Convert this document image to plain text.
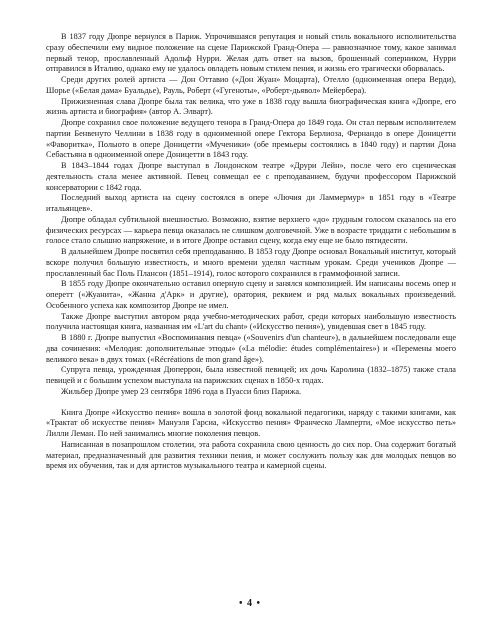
В 1837 году Дюпре вернулся в Париж. Упрочившаяся репутация и новый стиль вокального исполнительства сразу обеспечили ему видное положение на сцене Парижской Гранд-Опера — равнозначное тому, какое занимал первый тенор, прославленный Адольф Нурри. Желая дать ответ на вызов, брошенный соперником, Нурри отправился в Италию, однако ему не удалось овладеть новым стилем пения, и жизнь его трагически оборвалась.

Среди других ролей артиста — Дон Оттавио («Дон Жуан» Моцарта), Отелло (одноименная опера Верди), Шорье («Белая дама» Буальдье), Рауль, Роберт («Гугеноты», «Роберт-дьявол» Мейербера).

Прижизненная слава Дюпре была так велика, что уже в 1838 году вышла биографическая книга «Дюпре, его жизнь артиста и биография» (автор А. Элварт).

Дюпре сохранил свое положение ведущего тенора в Гранд-Опера до 1849 года. Он стал первым исполнителем партии Бенвенуто Челлини в 1838 году в одноименной опере Гектора Берлиоза, Фернандо в опере Доницетти «Фаворитка», Полыото в опере Доницетти «Мученики» (обе премьеры состоялись в 1840 году) и партии Дона Себастьяна в одноименной опере Доницетти в 1843 году.

В 1843–1844 годах Дюпре выступал в Лондонском театре «Друри Лейн», после чего его сценическая деятельность стала менее активной. Певец совмещал ее с преподаванием, будучи профессором Парижской консерватории с 1842 года.

Последний выход артиста на сцену состоялся в опере «Лючия ди Ламмермур» в 1851 году в «Театре итальянцев».

Дюпре обладал субтильной внешностью. Возможно, взятие верхнего «до» грудным голосом сказалось на его физических ресурсах — карьера певца оказалась не слишком долговечной. Уже в возрасте тридцати с небольшим в голосе стало слышно напряжение, и в итоге Дюпре оставил сцену, когда ему еще не было пятидесяти.

В дальнейшем Дюпре посвятил себя преподаванию. В 1853 году Дюпре основал Вокальный институт, который вскоре получил большую известность, и много времени уделял частным урокам. Среди учеников Дюпре — прославленный бас Поль Плансон (1851–1914), голос которого сохранился в граммофонной записи.

В 1855 году Дюпре окончательно оставил оперную сцену и занялся композицией. Им написаны восемь опер и оперетт («Жуанита», «Жанна д'Арк» и другие), оратория, реквием и ряд малых вокальных произведений. Особенного успеха как композитор Дюпре не имел.

Также Дюпре выступил автором ряда учебно-методических работ, среди которых наибольшую известность получила настоящая книга, названная им «L'art du chant» («Искусство пения»), увидевшая свет в 1845 году.

В 1880 г. Дюпре выпустил «Воспоминания певца» («Souvenirs d'un chanteur»), в дальнейшем последовали еще два сочинения: «Мелодия: дополнительные этюды» («La mélodie: études complémentaires») и «Перемены моего великого века» в двух томах («Récréations de mon grand âge»).

Супруга певца, урожденная Дюперрон, была известной певицей; их дочь Каролина (1832–1875) также стала певицей и с большим успехом выступала на парижских сценах в 1850-х годах.

Жильбер Дюпре умер 23 сентября 1896 года в Пуасси близ Парижа.

Книга Дюпре «Искусство пения» вошла в золотой фонд вокальной педагогики, наряду с такими книгами, как «Трактат об искусстве пения» Мануэля Гарсиа, «Искусство пения» Франческо Ламперти, «Мое искусство петь» Лилли Леман. По ней занимались многие поколения певцов.

Написанная в позапрошлом столетии, эта работа сохранила свою ценность до сих пор. Она содержит богатый материал, предназначенный для развития техники пения, и может сослужить пользу как для молодых певцов во время их обучения, так и для артистов музыкального театра и камерной сцены.

• 4 •
